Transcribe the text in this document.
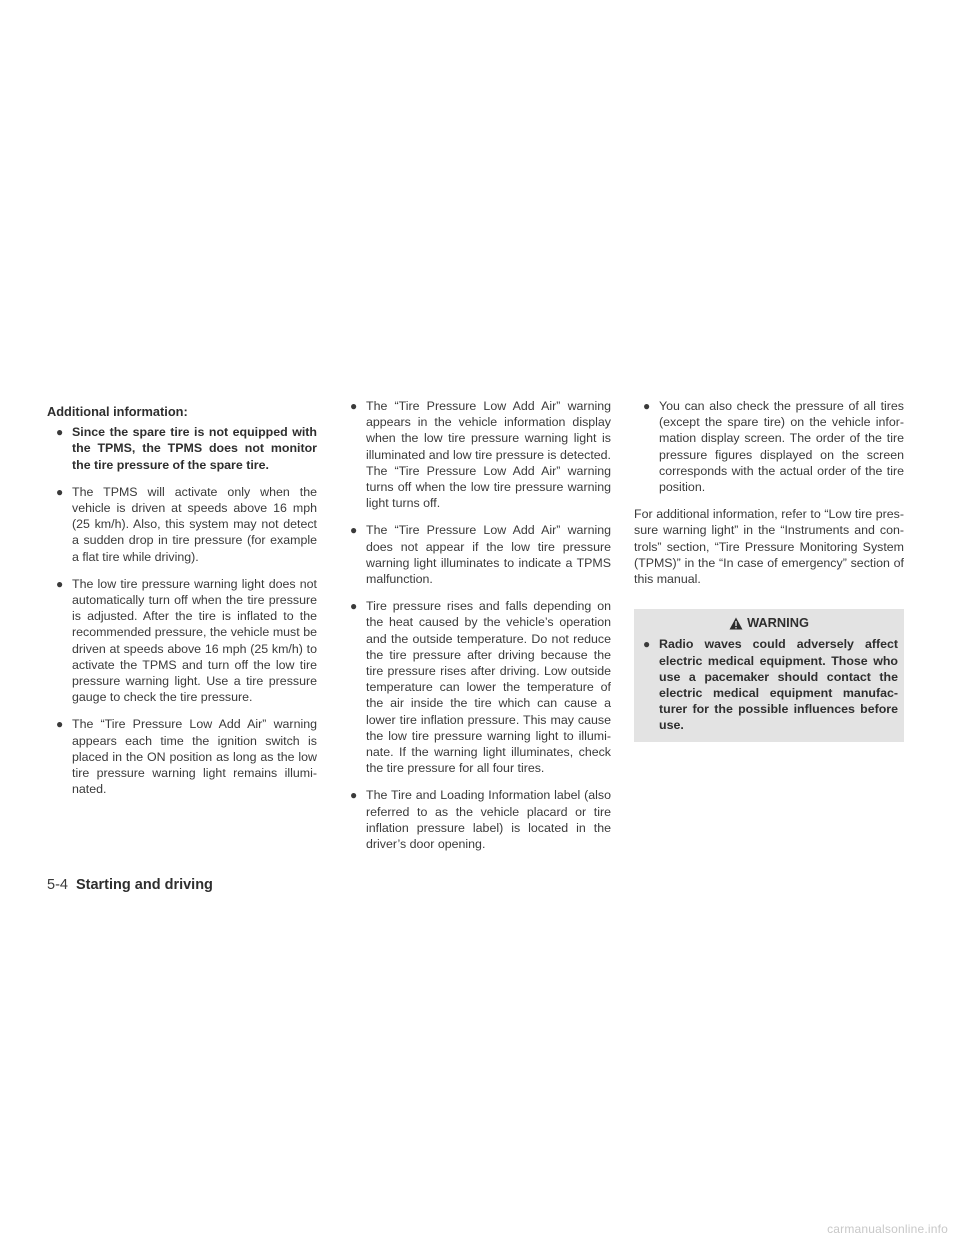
Additional information:
● Since the spare tire is not equipped with the TPMS, the TPMS does not monitor the tire pressure of the spare tire.
● The TPMS will activate only when the vehicle is driven at speeds above 16 mph (25 km/h). Also, this system may not detect a sudden drop in tire pressure (for example a flat tire while driving).
● The low tire pressure warning light does not automatically turn off when the tire pressure is adjusted. After the tire is inflated to the recommended pressure, the vehicle must be driven at speeds above 16 mph (25 km/h) to activate the TPMS and turn off the low tire pressure warning light. Use a tire pressure gauge to check the tire pressure.
● The “Tire Pressure Low Add Air” warning appears each time the ignition switch is placed in the ON position as long as the low tire pressure warning light remains illumi- nated.
● The “Tire Pressure Low Add Air” warning appears in the vehicle information display when the low tire pressure warning light is illuminated and low tire pressure is detected. The “Tire Pressure Low Add Air” warning turns off when the low tire pressure warning light turns off.
● The “Tire Pressure Low Add Air” warning does not appear if the low tire pressure warning light illuminates to indicate a TPMS malfunction.
● Tire pressure rises and falls depending on the heat caused by the vehicle’s operation and the outside temperature. Do not reduce the tire pressure after driving because the tire pressure rises after driving. Low outside temperature can lower the temperature of the air inside the tire which can cause a lower tire inflation pressure. This may cause the low tire pressure warning light to illumi- nate. If the warning light illuminates, check the tire pressure for all four tires.
● The Tire and Loading Information label (also referred to as the vehicle placard or tire inflation pressure label) is located in the driver’s door opening.
● You can also check the pressure of all tires (except the spare tire) on the vehicle infor- mation display screen. The order of the tire pressure figures displayed on the screen corresponds with the actual order of the tire position.

For additional information, refer to “Low tire pres- sure warning light” in the “Instruments and con- trols” section, “Tire Pressure Monitoring System (TPMS)” in the “In case of emergency” section of this manual.

WARNING
● Radio waves could adversely affect electric medical equipment. Those who use a pacemaker should contact the electric medical equipment manufac- turer for the possible influences before use.
5-4 Starting and driving
carmanualsonline.info
